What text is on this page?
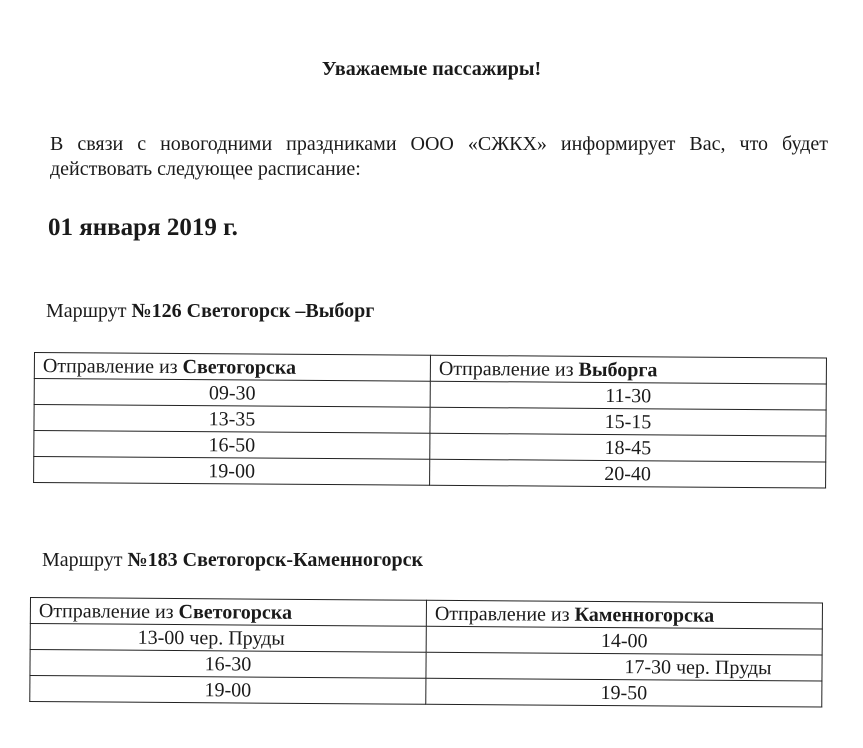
Уважаемые пассажиры!
В связи с новогодними праздниками ООО «СЖКХ» информирует Вас, что будет действовать следующее расписание:
01 января 2019 г.
Маршрут №126 Светогорск –Выборг
Отправление из Светогорска	Отправление из Выборга
09-30	11-30
13-35	15-15
16-50	18-45
19-00	20-40
Маршрут №183 Светогорск-Каменногорск
Отправление из Светогорска	Отправление из Каменногорска
13-00 чер. Пруды	14-00
16-30	17-30 чер. Пруды
19-00	19-50
